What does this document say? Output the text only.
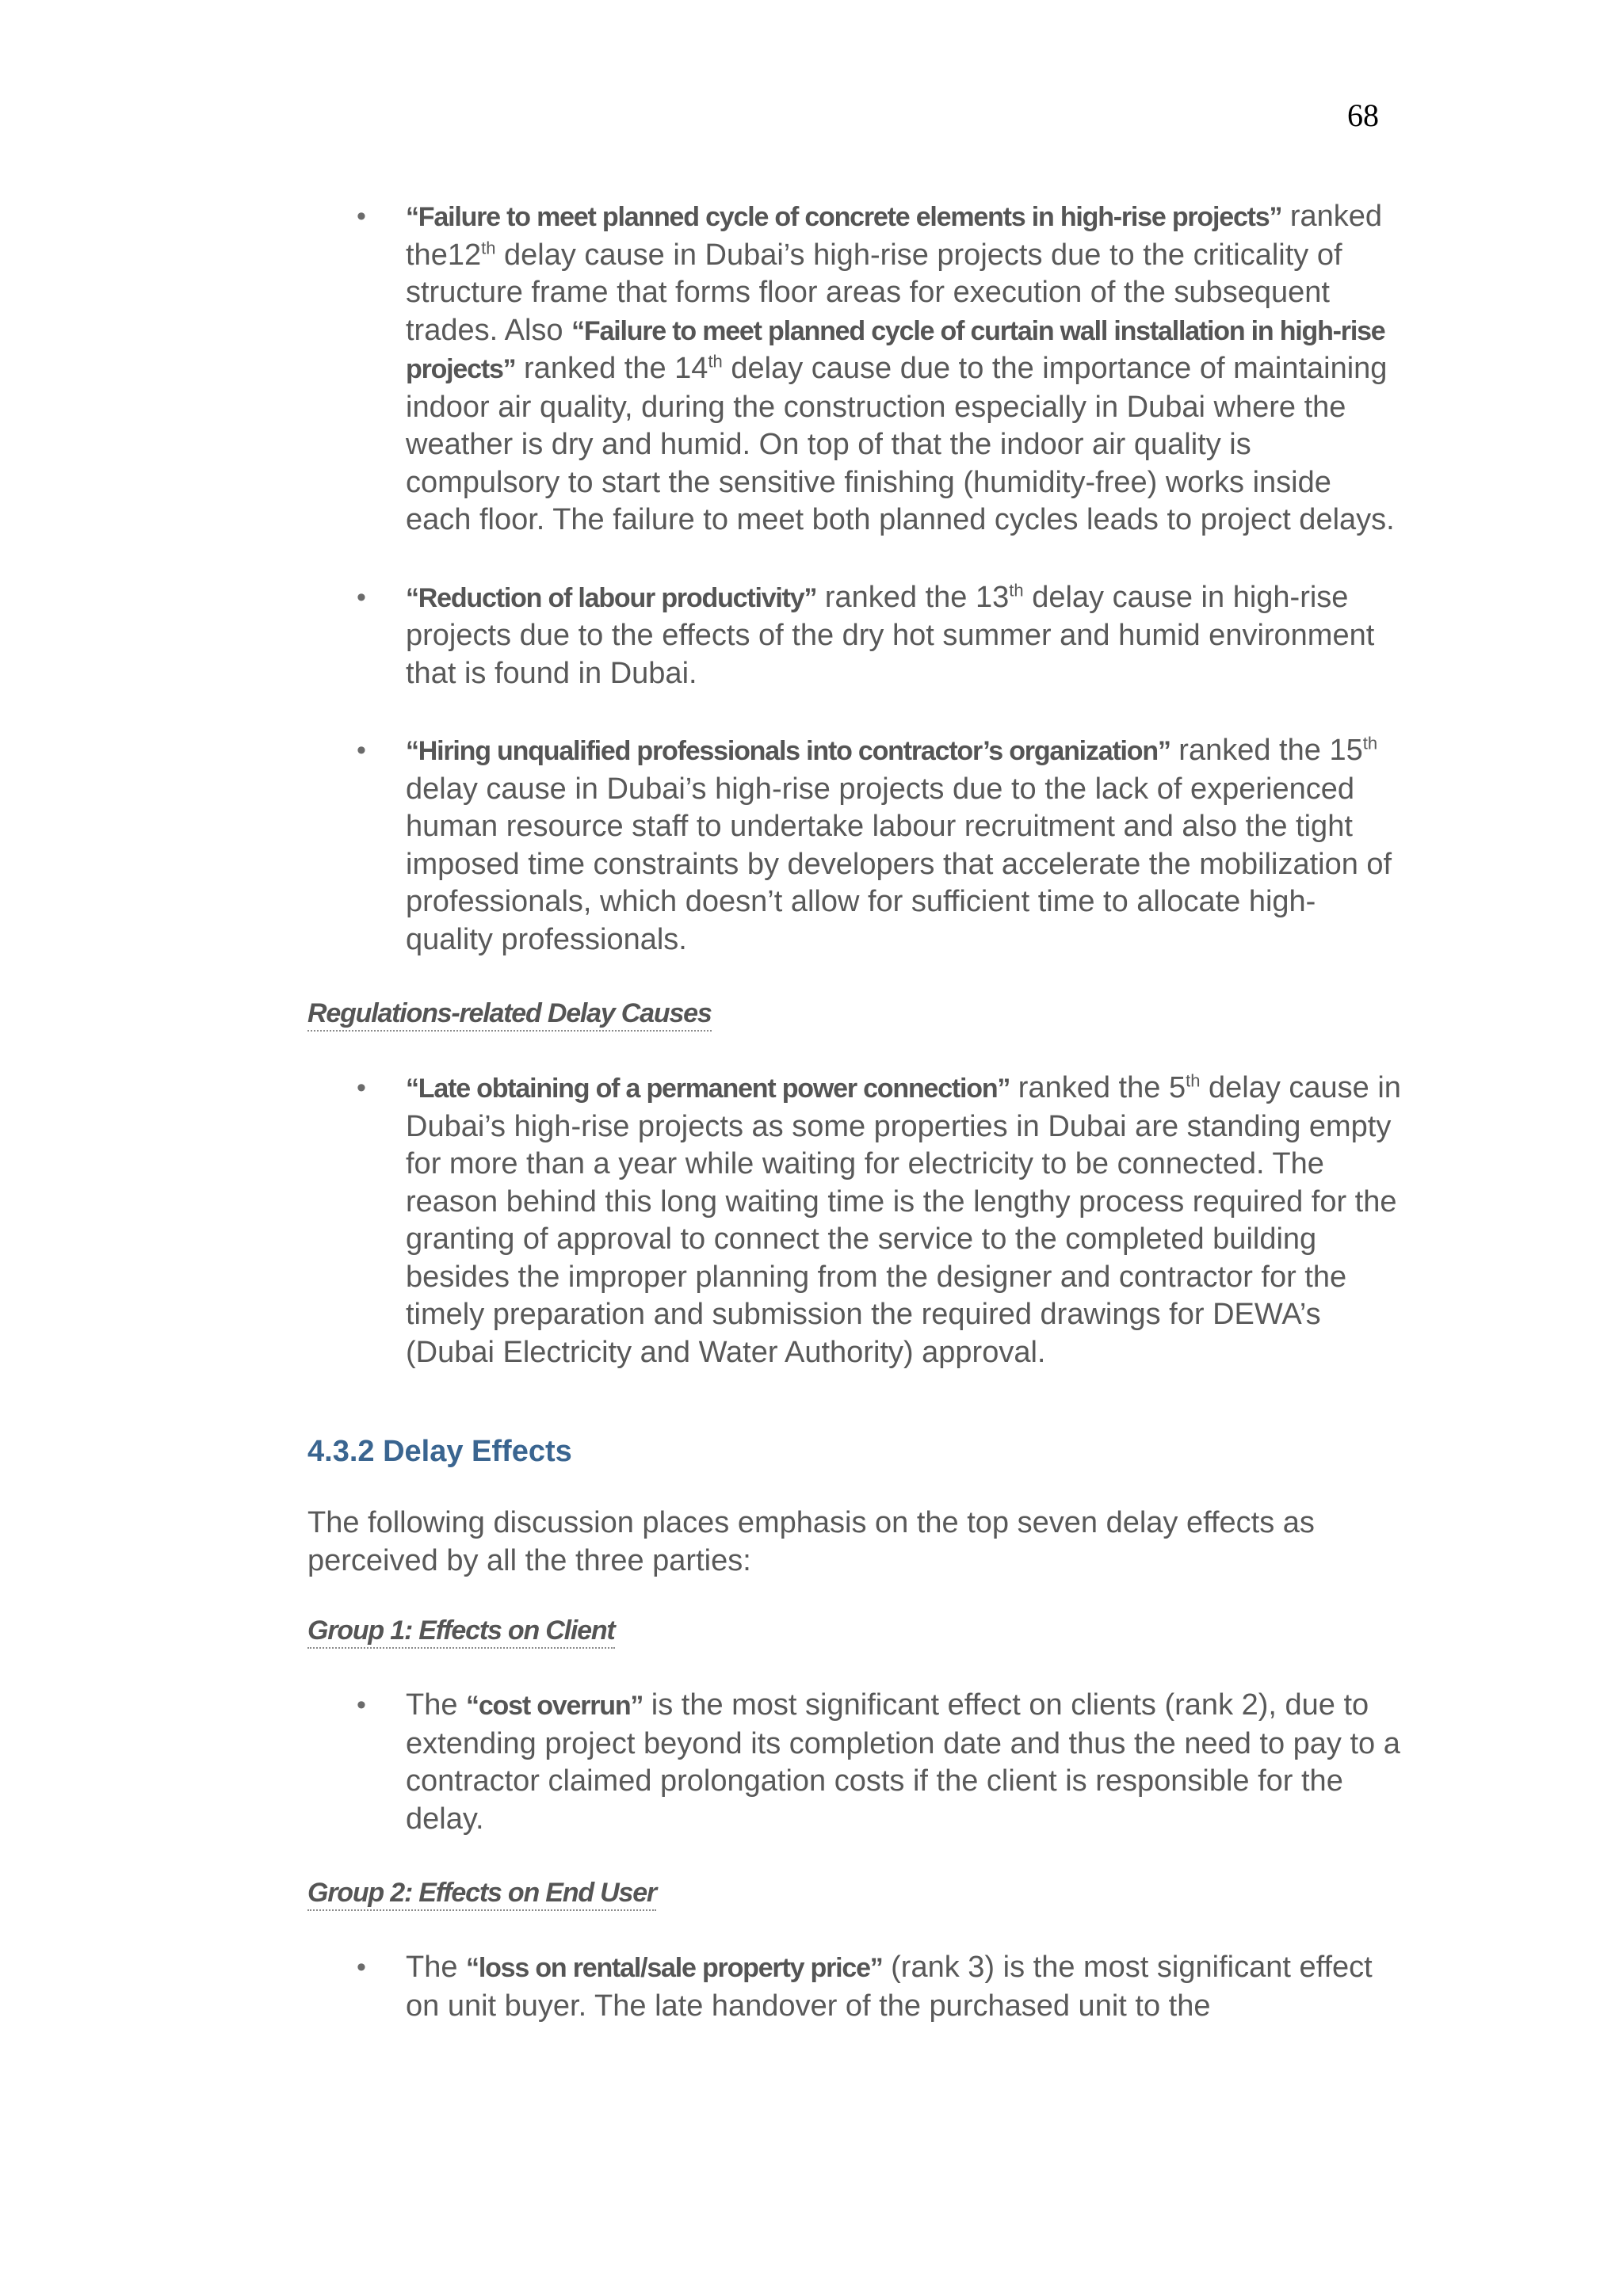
68
• “Failure to meet planned cycle of concrete elements in high-rise projects” ranked the12th delay cause in Dubai’s high-rise projects due to the criticality of structure frame that forms floor areas for execution of the subsequent trades. Also “Failure to meet planned cycle of curtain wall installation in high-rise projects” ranked the 14th delay cause due to the importance of maintaining indoor air quality, during the construction especially in Dubai where the weather is dry and humid. On top of that the indoor air quality is compulsory to start the sensitive finishing (humidity-free) works inside each floor. The failure to meet both planned cycles leads to project delays.
• “Reduction of labour productivity” ranked the 13th delay cause in high-rise projects due to the effects of the dry hot summer and humid environment that is found in Dubai.
• “Hiring unqualified professionals into contractor’s organization” ranked the 15th delay cause in Dubai’s high-rise projects due to the lack of experienced human resource staff to undertake labour recruitment and also the tight imposed time constraints by developers that accelerate the mobilization of professionals, which doesn’t allow for sufficient time to allocate high-quality professionals.
Regulations-related Delay Causes
• “Late obtaining of a permanent power connection” ranked the 5th delay cause in Dubai’s high-rise projects as some properties in Dubai are standing empty for more than a year while waiting for electricity to be connected. The reason behind this long waiting time is the lengthy process required for the granting of approval to connect the service to the completed building besides the improper planning from the designer and contractor for the timely preparation and submission the required drawings for DEWA’s (Dubai Electricity and Water Authority) approval.
4.3.2 Delay Effects

The following discussion places emphasis on the top seven delay effects as perceived by all the three parties:

Group 1: Effects on Client
• The “cost overrun” is the most significant effect on clients (rank 2), due to extending project beyond its completion date and thus the need to pay to a contractor claimed prolongation costs if the client is responsible for the delay.
Group 2: Effects on End User
• The “loss on rental/sale property price” (rank 3) is the most significant effect on unit buyer. The late handover of the purchased unit to the
